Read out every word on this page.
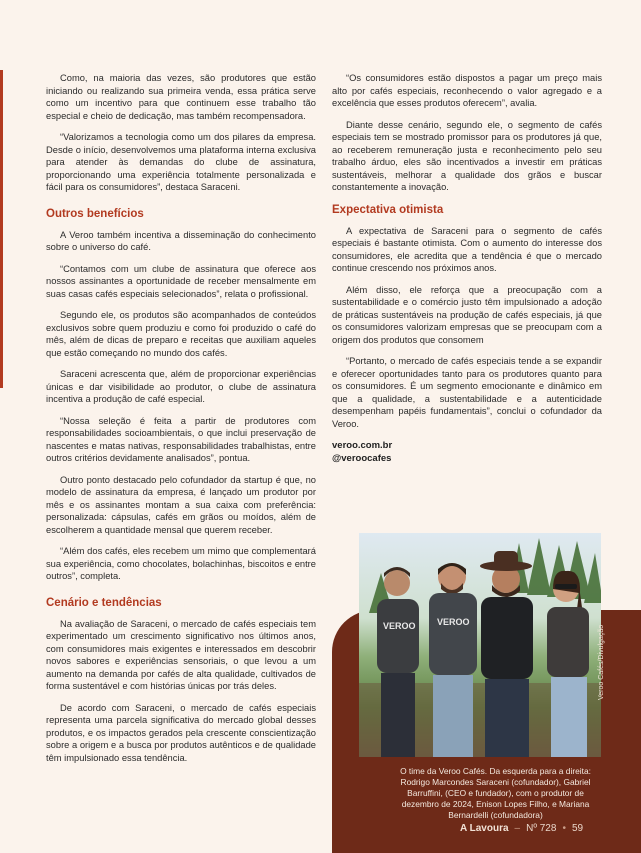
Como, na maioria das vezes, são produtores que estão iniciando ou realizando sua primeira venda, essa prática serve como um incentivo para que continuem esse trabalho tão especial e cheio de dedicação, mas também recompensadora.

“Valorizamos a tecnologia como um dos pilares da empresa. Desde o início, desenvolvemos uma plataforma interna exclusiva para atender às demandas do clube de assinatura, proporcionando uma experiência totalmente personalizada e fácil para os consumidores”, destaca Saraceni.

Outros benefícios

A Veroo também incentiva a disseminação do conhecimento sobre o universo do café.

“Contamos com um clube de assinatura que oferece aos nossos assinantes a oportunidade de receber mensalmente em suas casas cafés especiais selecionados”, relata o profissional.

Segundo ele, os produtos são acompanhados de conteúdos exclusivos sobre quem produziu e como foi produzido o café do mês, além de dicas de preparo e receitas que auxiliam aqueles que estão começando no mundo dos cafés.

Saraceni acrescenta que, além de proporcionar experiências únicas e dar visibilidade ao produtor, o clube de assinatura incentiva a produção de café especial.

“Nossa seleção é feita a partir de produtores com responsabilidades socioambientais, o que inclui preservação de nascentes e matas nativas, responsabilidades trabalhistas, entre outros critérios devidamente analisados”, pontua.

Outro ponto destacado pelo cofundador da startup é que, no modelo de assinatura da empresa, é lançado um produtor por mês e os assinantes montam a sua caixa com preferência: personalizada: cápsulas, cafés em grãos ou moídos, além de escolherem a quantidade mensal que querem receber.

“Além dos cafés, eles recebem um mimo que complementará sua experiência, como chocolates, bolachinhas, biscoitos e entre outros”, completa.

Cenário e tendências

Na avaliação de Saraceni, o mercado de cafés especiais tem experimentado um crescimento significativo nos últimos anos, com consumidores mais exigentes e interessados em descobrir novos sabores e experiências sensoriais, o que levou a um aumento na demanda por cafés de alta qualidade, cultivados de forma sustentável e com histórias únicas por trás deles.

De acordo com Saraceni, o mercado de cafés especiais representa uma parcela significativa do mercado global desses produtos, e os impactos gerados pela crescente conscientização sobre a origem e a busca por produtos autênticos e de qualidade têm impulsionado essa tendência.

“Os consumidores estão dispostos a pagar um preço mais alto por cafés especiais, reconhecendo o valor agregado e a excelência que esses produtos oferecem”, avalia.

Diante desse cenário, segundo ele, o segmento de cafés especiais tem se mostrado promissor para os produtores já que, ao receberem remuneração justa e reconhecimento pelo seu trabalho árduo, eles são incentivados a investir em práticas sustentáveis, melhorar a qualidade dos grãos e buscar constantemente a inovação.

Expectativa otimista

A expectativa de Saraceni para o segmento de cafés especiais é bastante otimista. Com o aumento do interesse dos consumidores, ele acredita que a tendência é que o mercado continue crescendo nos próximos anos.

Além disso, ele reforça que a preocupação com a sustentabilidade e o comércio justo têm impulsionado a adoção de práticas sustentáveis na produção de cafés especiais, já que os consumidores valorizam empresas que se preocupam com a origem dos produtos que consomem

“Portanto, o mercado de cafés especiais tende a se expandir e oferecer oportunidades tanto para os produtores quanto para os consumidores. É um segmento emocionante e dinâmico em que a qualidade, a sustentabilidade e a autenticidade desempenham papéis fundamentais”, conclui o cofundador da Veroo.

veroo.com.br
@veroocafes
VEROO VEROO
Veroo Cafés/Divulgação
O time da Veroo Cafés. Da esquerda para a direita: Rodrigo Marcondes Saraceni (cofundador), Gabriel Barruffini, (CEO e fundador), com o produtor de dezembro de 2024, Enison Lopes Filho, e Mariana Bernardelli (cofundadora)
A Lavoura – Nº 728 • 59
